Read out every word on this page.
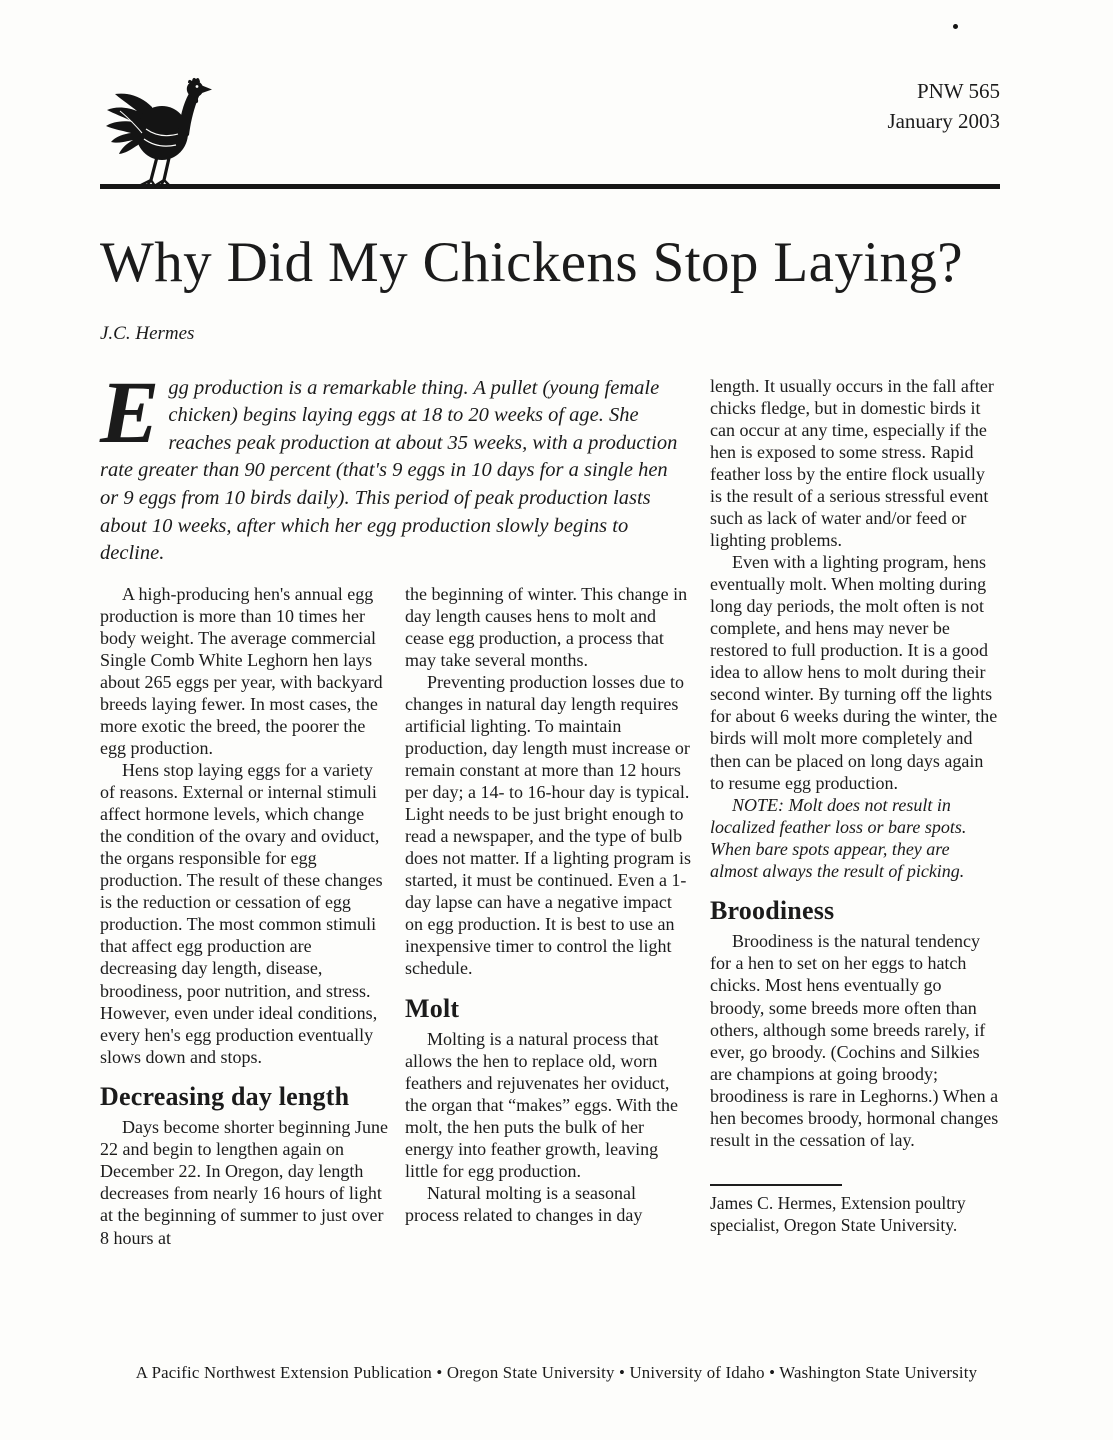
PNW 565
January 2003
Why Did My Chickens Stop Laying?
J.C. Hermes
Egg production is a remarkable thing. A pullet (young female chicken) begins laying eggs at 18 to 20 weeks of age. She reaches peak production at about 35 weeks, with a production rate greater than 90 percent (that's 9 eggs in 10 days for a single hen or 9 eggs from 10 birds daily). This period of peak production lasts about 10 weeks, after which her egg production slowly begins to decline.

A high-producing hen's annual egg production is more than 10 times her body weight. The average commercial Single Comb White Leghorn hen lays about 265 eggs per year, with backyard breeds laying fewer. In most cases, the more exotic the breed, the poorer the egg production.

Hens stop laying eggs for a variety of reasons. External or internal stimuli affect hormone levels, which change the condition of the ovary and oviduct, the organs responsible for egg production. The result of these changes is the reduction or cessation of egg production. The most common stimuli that affect egg production are decreasing day length, disease, broodiness, poor nutrition, and stress. However, even under ideal conditions, every hen's egg production eventually slows down and stops.

Decreasing day length

Days become shorter beginning June 22 and begin to lengthen again on December 22. In Oregon, day length decreases from nearly 16 hours of light at the beginning of summer to just over 8 hours at

the beginning of winter. This change in day length causes hens to molt and cease egg production, a process that may take several months.

Preventing production losses due to changes in natural day length requires artificial lighting. To maintain production, day length must increase or remain constant at more than 12 hours per day; a 14- to 16-hour day is typical. Light needs to be just bright enough to read a newspaper, and the type of bulb does not matter. If a lighting program is started, it must be continued. Even a 1-day lapse can have a negative impact on egg production. It is best to use an inexpensive timer to control the light schedule.

Molt

Molting is a natural process that allows the hen to replace old, worn feathers and rejuvenates her oviduct, the organ that “makes” eggs. With the molt, the hen puts the bulk of her energy into feather growth, leaving little for egg production.

Natural molting is a seasonal process related to changes in day

length. It usually occurs in the fall after chicks fledge, but in domestic birds it can occur at any time, especially if the hen is exposed to some stress. Rapid feather loss by the entire flock usually is the result of a serious stressful event such as lack of water and/or feed or lighting problems.

Even with a lighting program, hens eventually molt. When molting during long day periods, the molt often is not complete, and hens may never be restored to full production. It is a good idea to allow hens to molt during their second winter. By turning off the lights for about 6 weeks during the winter, the birds will molt more completely and then can be placed on long days again to resume egg production.

NOTE: Molt does not result in localized feather loss or bare spots. When bare spots appear, they are almost always the result of picking.

Broodiness

Broodiness is the natural tendency for a hen to set on her eggs to hatch chicks. Most hens eventually go broody, some breeds more often than others, although some breeds rarely, if ever, go broody. (Cochins and Silkies are champions at going broody; broodiness is rare in Leghorns.) When a hen becomes broody, hormonal changes result in the cessation of lay.

James C. Hermes, Extension poultry specialist, Oregon State University.
A Pacific Northwest Extension Publication • Oregon State University • University of Idaho • Washington State University
